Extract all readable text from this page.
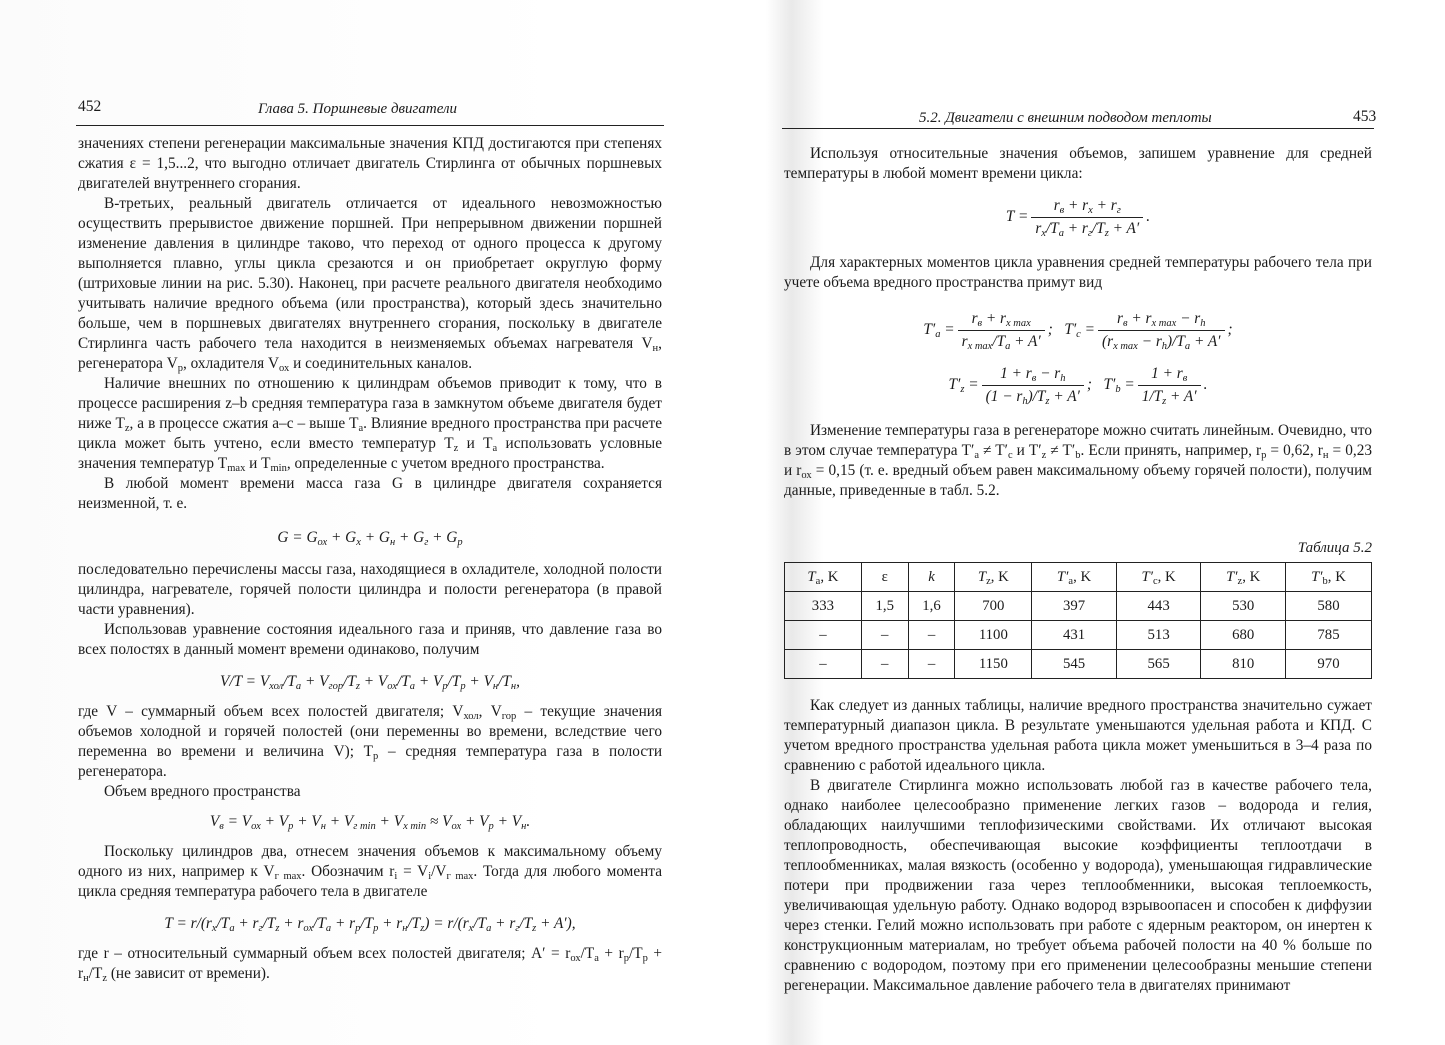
452	Глава 5. Поршневые двигатели

значениях степени регенерации максимальные значения КПД достигаются при степенях сжатия ε = 1,5...2, что выгодно отличает двигатель Стирлинга от обычных поршневых двигателей внутреннего сгорания.

В-третьих, реальный двигатель отличается от идеального невозможностью осуществить прерывистое движение поршней. При непрерывном движении поршней изменение давления в цилиндре таково, что переход от одного процесса к другому выполняется плавно, углы цикла срезаются и он приобретает округлую форму (штриховые линии на рис. 5.30). Наконец, при расчете реального двигателя необходимо учитывать наличие вредного объема (или пространства), который здесь значительно больше, чем в поршневых двигателях внутреннего сгорания, поскольку в двигателе Стирлинга часть рабочего тела находится в неизменяемых объемах нагревателя $V_н$, регенератора $V_р$, охладителя $V_{ох}$ и соединительных каналов.

Наличие внешних по отношению к цилиндрам объемов приводит к тому, что в процессе расширения z–b средняя температура газа в замкнутом объеме двигателя будет ниже $T_z$, а в процессе сжатия a–c – выше $T_a$. Влияние вредного пространства при расчете цикла может быть учтено, если вместо температур $T_z$ и $T_a$ использовать условные значения температур $T_{max}$ и $T_{min}$, определенные с учетом вредного пространства.

В любой момент времени масса газа G в цилиндре двигателя сохраняется неизменной, т. е.

$G = G_{ох} + G_х + G_н + G_г + G_р$

последовательно перечислены массы газа, находящиеся в охладителе, холодной полости цилиндра, нагревателе, горячей полости цилиндра и полости регенератора (в правой части уравнения).

Использовав уравнение состояния идеального газа и приняв, что давление газа во всех полостях в данный момент времени одинаково, получим

$V/T = V_{хол}/T_a + V_{гор}/T_z + V_{ох}/T_a + V_р/T_р + V_н/T_н$,

где V – суммарный объем всех полостей двигателя; $V_{хол}$, $V_{гор}$ – текущие значения объемов холодной и горячей полостей (они переменны во времени, вследствие чего переменна во времени и величина V); $T_р$ – средняя температура газа в полости регенератора.

Объем вредного пространства

$V_в = V_{ох} + V_р + V_н + V_{г min} + V_{х min} \approx V_{ох} + V_р + V_н$.

Поскольку цилиндров два, отнесем значения объемов к максимальному объему одного из них, например к $V_{г max}$. Обозначим $r_i = V_i/V_{г max}$. Тогда для любого момента цикла средняя температура рабочего тела в двигателе

$T = r/(r_х/T_a + r_г/T_z + r_{ох}/T_a + r_р/T_р + r_н/T_z) = r/(r_х/T_a + r_г/T_z + A')$,

где r – относительный суммарный объем всех полостей двигателя; $A' = r_{ох}/T_a + r_р/T_р + r_н/T_z$ (не зависит от времени).

5.2. Двигатели с внешним подводом теплоты	453

Используя относительные значения объемов, запишем уравнение для средней температуры в любой момент времени цикла:

$T = \frac{r_в + r_х + r_г}{r_х/T_a + r_г/T_z + A'}$ .

Для характерных моментов цикла уравнения средней температуры рабочего тела при учете объема вредного пространства примут вид

$T'_a = \frac{r_в + r_{х max}}{r_{х max}/T_a + A'}$ ;   $T'_c = \frac{r_в + r_{х max} - r_h}{(r_{х max} - r_h)/T_a + A'}$ ;

$T'_z = \frac{1 + r_в - r_h}{(1 - r_h)/T_z + A'}$ ;   $T'_b = \frac{1 + r_в}{1/T_z + A'}$ .

Изменение температуры газа в регенераторе можно считать линейным. Очевидно, что в этом случае температура $T'_a \ne T'_c$ и $T'_z \ne T'_b$. Если принять, например, $r_р = 0,62$, $r_н = 0,23$ и $r_{ох} = 0,15$ (т. е. вредный объем равен максимальному объему горячей полости), получим данные, приведенные в табл. 5.2.

Таблица 5.2
$T_a$, K	ε	k	$T_z$, K	$T'_a$, K	$T'_c$, K	$T'_z$, K	$T'_b$, K
333	1,5	1,6	700	397	443	530	580
–	–	–	1100	431	513	680	785
–	–	–	1150	545	565	810	970

Как следует из данных таблицы, наличие вредного пространства значительно сужает температурный диапазон цикла. В результате уменьшаются удельная работа и КПД. С учетом вредного пространства удельная работа цикла может уменьшиться в 3–4 раза по сравнению с работой идеального цикла.

В двигателе Стирлинга можно использовать любой газ в качестве рабочего тела, однако наиболее целесообразно применение легких газов – водорода и гелия, обладающих наилучшими теплофизическими свойствами. Их отличают высокая теплопроводность, обеспечивающая высокие коэффициенты теплоотдачи в теплообменниках, малая вязкость (особенно у водорода), уменьшающая гидравлические потери при продвижении газа через теплообменники, высокая теплоемкость, увеличивающая удельную работу. Однако водород взрывоопасен и способен к диффузии через стенки. Гелий можно использовать при работе с ядерным реактором, он инертен к конструкционным материалам, но требует объема рабочей полости на 40 % больше по сравнению с водородом, поэтому при его применении целесообразны меньшие степени регенерации. Максимальное давление рабочего тела в двигателях принимают
